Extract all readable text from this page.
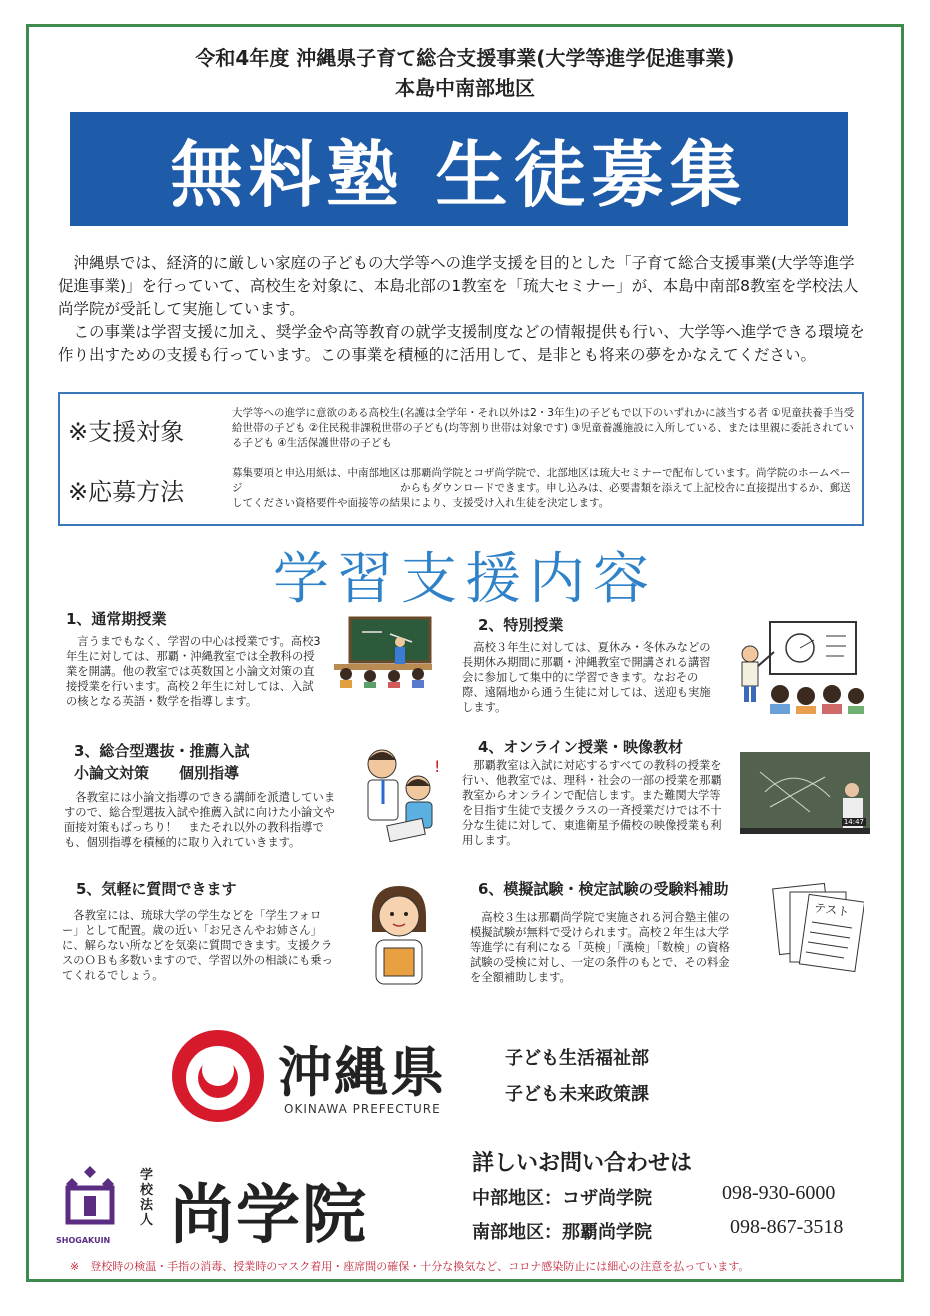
令和4年度 沖縄県子育て総合支援事業(大学等進学促進事業)
本島中南部地区
無料塾 生徒募集

沖縄県では、経済的に厳しい家庭の子どもの大学等への進学支援を目的とした「子育て総合支援事業(大学等進学促進事業)」を行っていて、高校生を対象に、本島北部の1教室を「琉大セミナー」が、本島中南部8教室を学校法人尚学院が受託して実施しています。

この事業は学習支援に加え、奨学金や高等教育の就学支援制度などの情報提供も行い、大学等へ進学できる環境を作り出すための支援も行っています。この事業を積極的に活用して、是非とも将来の夢をかなえてください。

※支援対象
大学等への進学に意欲のある高校生(名護は全学年・それ以外は2・3年生)の子どもで以下のいずれかに該当する者 ①児童扶養手当受給世帯の子ども ②住民税非課税世帯の子ども(均等割り世帯は対象です) ③児童養護施設に入所している、または里親に委託されている子ども ④生活保護世帯の子ども
※応募方法
募集要項と申込用紙は、中南部地区は那覇尚学院とコザ尚学院で、北部地区は琉大セミナーで配布しています。尚学院のホームページ　　　　　　　　　　　　　　　からもダウンロードできます。申し込みは、必要書類を添えて上記校舎に直接提出するか、郵送してください資格要件や面接等の結果により、支援受け入れ生徒を決定します。
学習支援内容
1、通常期授業
言うまでもなく、学習の中心は授業です。高校3年生に対しては、那覇・沖縄教室では全教科の授業を開講。他の教室では英数国と小論文対策の直接授業を行います。高校２年生に対しては、入試の核となる英語・数学を指導します。
2、特別授業
高校３年生に対しては、夏休み・冬休みなどの長期休み期間に那覇・沖縄教室で開講される講習会に参加して集中的に学習できます。なおその際、遠隔地から通う生徒に対しては、送迎も実施します。
3、総合型選抜・推薦入試
小論文対策　　個別指導
各教室には小論文指導のできる講師を派遣していますので、総合型選抜入試や推薦入試に向けた小論文や面接対策もばっちり！　またそれ以外の教科指導でも、個別指導を積極的に取り入れていきます。
!
4、オンライン授業・映像教材
那覇教室は入試に対応するすべての教科の授業を行い、他教室では、理科・社会の一部の授業を那覇教室からオンラインで配信します。また難関大学等を目指す生徒で支援クラスの一斉授業だけでは不十分な生徒に対して、東進衛星予備校の映像授業も利用します。
14:47
5、気軽に質問できます
各教室には、琉球大学の学生などを「学生フォロー」として配置。歳の近い「お兄さんやお姉さん」に、解らない所などを気楽に質問できます。支援クラスのＯＢも多数いますので、学習以外の相談にも乗ってくれるでしょう。
6、模擬試験・検定試験の受験料補助
高校３生は那覇尚学院で実施される河合塾主催の模擬試験が無料で受けられます。高校２年生は大学等進学に有利になる「英検」「漢検」「数検」の資格試験の受検に対し、一定の条件のもとで、その料金を全額補助します。
テスト
沖縄県
OKINAWA PREFECTURE
子ども生活福祉部
子ども未来政策課
SHOGAKUIN
学校法人 尚学院
詳しいお問い合わせは
中部地区：コザ尚学院	098-930-6000
南部地区：那覇尚学院	098-867-3518
※　登校時の検温・手指の消毒、授業時のマスク着用・座席間の確保・十分な換気など、コロナ感染防止には細心の注意を払っています。
